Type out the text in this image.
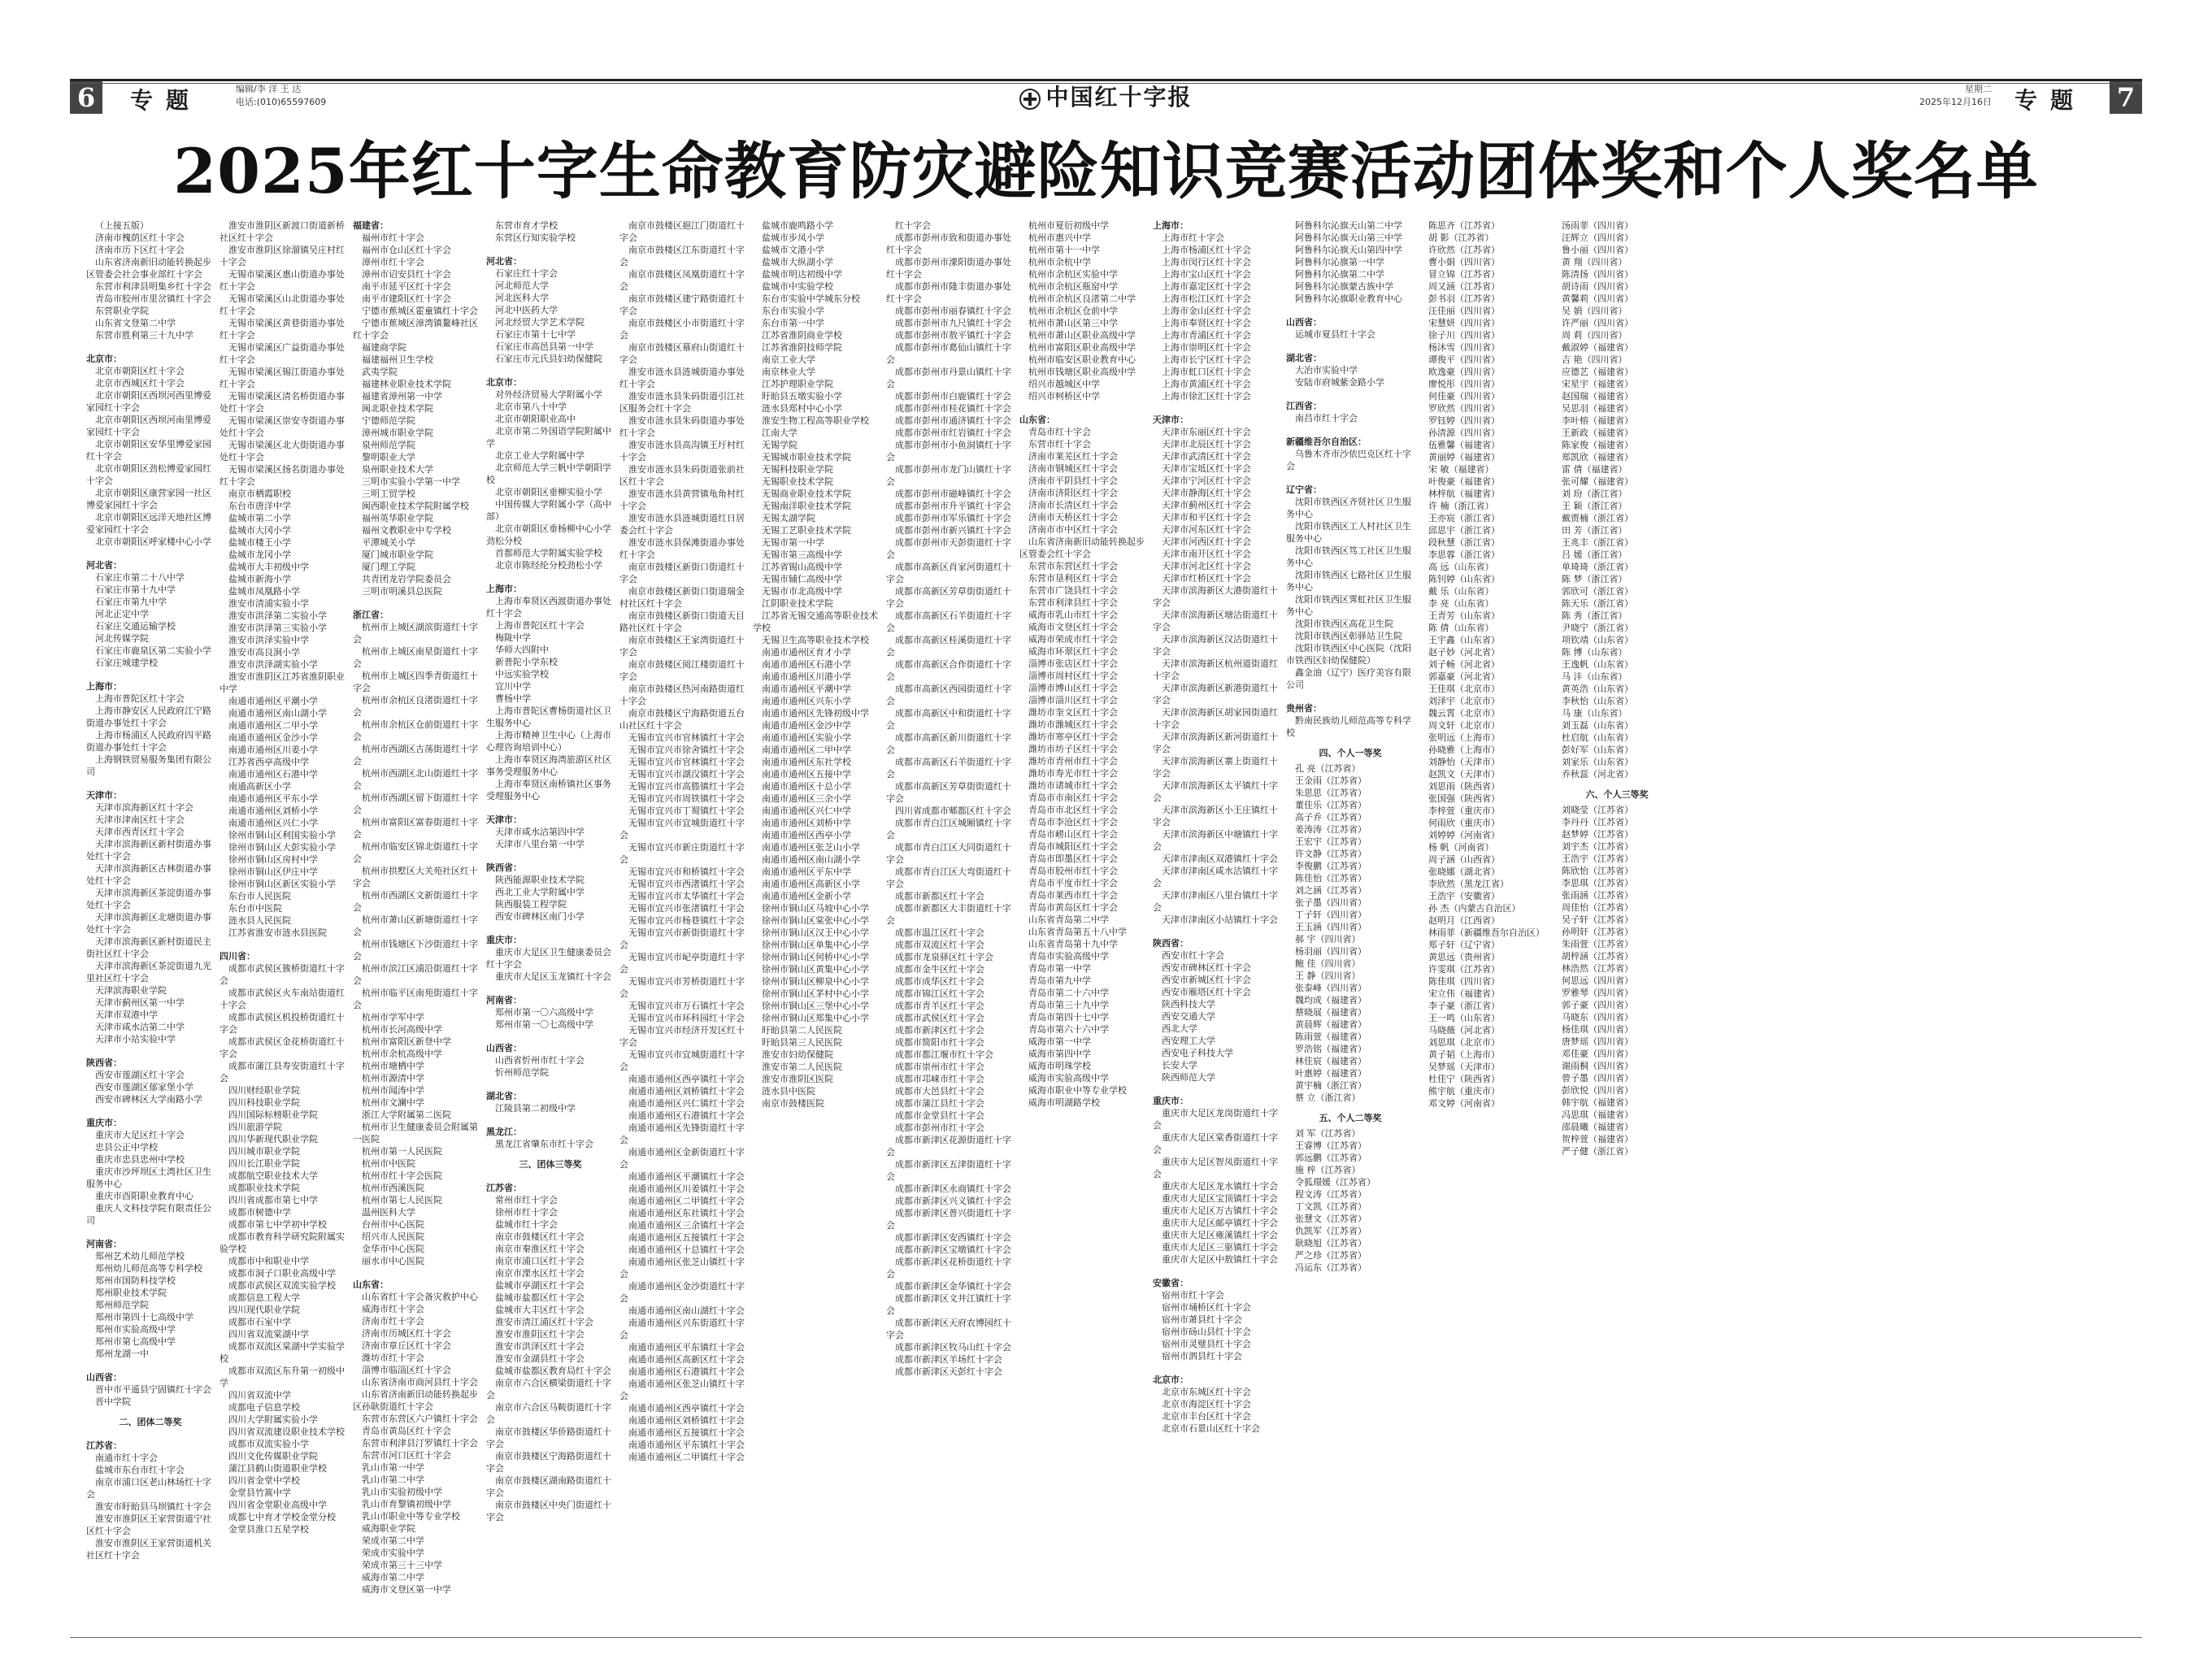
6	专题	编辑/李 洋 王 达
电话:(010)65597609	中国红十字报	星期二
2025年12月16日 专题 7
2025年红十字生命教育防灾避险知识竞赛活动团体奖和个人奖名单

（上接五版）

济南市槐荫区红十字会

济南市历下区红十字会

山东省济南新旧动能转换起步区管委会社会事业部红十字会

东营市利津县明集乡红十字会

青岛市胶州市里岔镇红十字会

东营职业学院

山东省文登第二中学

东营市胜利第三十九中学

北京市：

北京市朝阳区红十字会

北京市西城区红十字会

北京市朝阳区西坝河西里博爱家园红十字会

北京市朝阳区西坝河南里博爱家园红十字会

北京市朝阳区安华里博爱家园红十字会

北京市朝阳区劲松博爱家园红十字会

北京市朝阳区康营家园一社区博爱家园红十字会

北京市朝阳区远洋天地社区博爱家园红十字会

北京市朝阳区呼家楼中心小学

河北省：

石家庄市第二十八中学

石家庄市第十九中学

石家庄市第九中学

河北正定中学

石家庄交通运输学校

河北传媒学院

石家庄市鹿泉区第二实验小学

石家庄城建学校

上海市：

上海市普陀区红十字会

上海市静安区人民政府江宁路街道办事处红十字会

上海市杨浦区人民政府四平路街道办事处红十字会

上海钢铁贸易服务集团有限公司

天津市：

天津市滨海新区红十字会

天津市津南区红十字会

天津市西青区红十字会

天津市滨海新区新村街道办事处红十字会

天津市滨海新区古林街道办事处红十字会

天津市滨海新区茶淀街道办事处红十字会

天津市滨海新区北塘街道办事处红十字会

天津市滨海新区新村街道民主街社区红十字会

天津市滨海新区茶淀街道九光里社区红十字会

天津滨海职业学院

天津市蓟州区第一中学

天津市双港中学

天津市咸水沽第二中学

天津市小站实验中学

陕西省：

西安市莲湖区红十字会

西安市莲湖区郁家堡小学

西安市碑林区大学南路小学

重庆市：

重庆市大足区红十字会

忠县公正中学校

重庆市忠县忠州中学校

重庆市沙坪坝区土湾社区卫生服务中心

重庆市酉阳职业教育中心

重庆人文科技学院有限责任公司

河南省：

郑州艺术幼儿师范学校

郑州幼儿师范高等专科学校

郑州市国防科技学校

郑州职业技术学院

郑州师范学院

郑州市第四十七高级中学

郑州市实验高级中学

郑州市第七高级中学

郑州龙湖一中

山西省：

晋中市平遥县宁固镇红十字会

晋中学院

二、团体二等奖

江苏省：

南通市红十字会

盐城市东台市红十字会

南京市浦口区老山林场红十字会

淮安市盱眙县马坝镇红十字会

淮安市淮阴区王家营街道宁社区红十字会

淮安市淮阴区王家营街道机关社区红十字会

淮安市淮阴区新渡口街道新桥社区红十字会

淮安市淮阴区徐溜镇吴庄村红十字会

无锡市梁溪区惠山街道办事处红十字会

无锡市梁溪区山北街道办事处红十字会

无锡市梁溪区黄巷街道办事处红十字会

无锡市梁溪区广益街道办事处红十字会

无锡市梁溪区锡江街道办事处红十字会

无锡市梁溪区清名桥街道办事处红十字会

无锡市梁溪区崇安寺街道办事处红十字会

无锡市梁溪区北大街街道办事处红十字会

无锡市梁溪区扬名街道办事处红十字会

南京市栖霞职校

东台市唐洋中学

盐城市第二小学

盐城市大冈小学

盐城市楼王小学

盐城市龙冈小学

盐城市大丰初级中学

盐城市新海小学

盐城市凤凰路小学

淮安市清浦实验小学

淮安市洪泽第二实验小学

淮安市洪泽第三实验小学

淮安市洪泽实验中学

淮安市高良涧小学

淮安市洪泽湖实验小学

淮安市淮阴区江苏省淮阴职业中学

南通市通州区平潮小学

南通市通州区南山湖小学

南通市通州区二甲小学

南通市通州区金沙小学

南通市通州区川姜小学

江苏省西亭高级中学

南通市通州区石港中学

南通高新区小学

南通市通州区平东小学

南通市通州区刘桥小学

南通市通州区兴仁小学

徐州市铜山区利国实验小学

徐州市铜山区大彭实验小学

徐州市铜山区房村中学

徐州市铜山区伊庄中学

徐州市铜山区新区实验小学

东台市人民医院

东台市中医院

涟水县人民医院

江苏省淮安市涟水县医院

四川省：

成都市武侯区簇桥街道红十字会

成都市武侯区火车南站街道红十字会

成都市武侯区机投桥街道红十字会

成都市武侯区金花桥街道红十字会

成都市蒲江县寿安街道红十字会

四川财经职业学院

四川科技职业学院

四川国际标榜职业学院

四川旅游学院

四川华新现代职业学院

四川城市职业学院

四川长江职业学院

成都航空职业技术大学

成都职业技术学院

四川省成都市第七中学

成都市树德中学

成都市第七中学初中学校

成都市教育科学研究院附属实验学校

成都市中和职业中学

成都市洞子口职业高级中学

成都市武侯区双流实验学校

成都信息工程大学

四川现代职业学院

成都市石室中学

四川省双流棠湖中学

成都市双流区棠湖中学实验学校

成都市双流区东升第一初级中学

四川省双流中学

成都电子信息学校

四川大学附属实验小学

四川省双流建设职业技术学校

成都市双流实验小学

四川文化传媒职业学院

蒲江县鹤山街道职业学校

四川省金堂中学校

金堂县竹篙中学

四川省金堂职业高级中学

成都七中育才学校金堂分校

金堂县淮口五星学校

福建省：

福州市红十字会

福州市仓山区红十字会

漳州市红十字会

漳州市诏安县红十字会

南平市延平区红十字会

南平市建阳区红十字会

宁德市蕉城区霍童镇红十字会

宁德市蕉城区漳湾镇鳌峰社区红十字会

福建商学院

福建福州卫生学校

武夷学院

福建林业职业技术学院

福建省漳州第一中学

闽北职业技术学院

宁德师范学院

漳州城市职业学院

泉州师范学院

黎明职业大学

泉州职业技术大学

三明市实验小学第一中学

三明工贸学校

闽西职业技术学院附属学校

福州英华职业学院

福州文教职业中专学校

平潭城关小学

厦门城市职业学院

厦门理工学院

共青团龙岩学院委员会

三明市明溪县总医院

浙江省：

杭州市上城区湖滨街道红十字会

杭州市上城区南星街道红十字会

杭州市上城区四季青街道红十字会

杭州市余杭区良渚街道红十字会

杭州市余杭区仓前街道红十字会

杭州市西湖区古荡街道红十字会

杭州市西湖区北山街道红十字会

杭州市西湖区留下街道红十字会

杭州市富阳区富春街道红十字会

杭州市临安区锦北街道红十字会

杭州市拱墅区大关苑社区红十字会

杭州市西湖区文新街道红十字会

杭州市萧山区新塘街道红十字会

杭州市钱塘区下沙街道红十字会

杭州市滨江区浦沿街道红十字会

杭州市临平区南苑街道红十字会

杭州市学军中学

杭州市长河高级中学

杭州市富阳区新登中学

杭州市余杭高级中学

杭州市塘栖中学

杭州市源清中学

杭州市闻涛中学

杭州市文澜中学

浙江大学附属第二医院

杭州市卫生健康委员会附属第一医院

杭州市第一人民医院

杭州市中医院

杭州市红十字会医院

杭州市西溪医院

杭州市第七人民医院

温州医科大学

台州市中心医院

绍兴市人民医院

金华市中心医院

丽水市中心医院

山东省：

山东省红十字会备灾救护中心

威海市红十字会

济南市红十字会

济南市历城区红十字会

济南市章丘区红十字会

潍坊市红十字会

淄博市临淄区红十字会

山东省济南市商河县红十字会

山东省济南新旧动能转换起步区孙耿街道红十字会

东营市东营区六户镇红十字会

青岛市黄岛区红十字会

东营市利津县汀罗镇红十字会

东营市河口区红十字会

乳山市第一中学

乳山市第二中学

乳山市实验初级中学

乳山市育黎镇初级中学

乳山市职业中等专业学校

威海职业学院

荣成市第二中学

荣成市实验中学

荣成市第三十三中学

威海市第二中学

威海市文登区第一中学

东营市育才学校

东营区行知实验学校

河北省：

石家庄红十字会

河北师范大学

河北医科大学

河北中医药大学

河北经贸大学艺术学院

石家庄市第十七中学

石家庄市高邑县第一中学

石家庄市元氏县妇幼保健院

北京市：

对外经济贸易大学附属小学

北京市第八十中学

北京市朝阳职业高中

北京市第二外国语学院附属中学

北京工业大学附属中学

北京师范大学三帆中学朝阳学校

北京市朝阳区垂柳实验小学

中国传媒大学附属小学（高中部）

北京市朝阳区垂杨柳中心小学劲松分校

首都师范大学附属实验学校

北京市陈经纶分校劲松小学

上海市：

上海市奉贤区西渡街道办事处红十字会

上海市普陀区红十字会

梅陇中学

华师大四附中

新普陀小学东校

中远实验学校

宜川中学

曹杨中学

上海市普陀区曹杨街道社区卫生服务中心

上海市精神卫生中心（上海市心理咨询培训中心）

上海市奉贤区海湾旅游区社区事务受理服务中心

上海市奉贤区南桥镇社区事务受理服务中心

天津市：

天津市咸水沽第四中学

天津市八里台第一中学

陕西省：

陕西能源职业技术学院

西北工业大学附属中学

陕西服装工程学院

西安市碑林区南门小学

重庆市：

重庆市大足区卫生健康委员会红十字会

重庆市大足区玉龙镇红十字会

河南省：

郑州市第一〇六高级中学

郑州市第一〇七高级中学

山西省：

山西省忻州市红十字会

忻州师范学院

湖北省：

江陵县第二初级中学

黑龙江：

黑龙江省肇东市红十字会

三、团体三等奖

江苏省：

常州市红十字会

徐州市红十字会

盐城市红十字会

南京市鼓楼区红十字会

南京市秦淮区红十字会

南京市浦口区红十字会

南京市溧水区红十字会

盐城市亭湖区红十字会

盐城市盐都区红十字会

盐城市大丰区红十字会

淮安市清江浦区红十字会

淮安市淮阴区红十字会

淮安市洪泽区红十字会

淮安市金湖县红十字会

盐城市盐都区教育局红十字会

南京市六合区横梁街道红十字会

南京市六合区马鞍街道红十字会

南京市鼓楼区华侨路街道红十字会

南京市鼓楼区宁海路街道红十字会

南京市鼓楼区湖南路街道红十字会

南京市鼓楼区中央门街道红十字会

南京市鼓楼区挹江门街道红十字会

南京市鼓楼区江东街道红十字会

南京市鼓楼区凤凰街道红十字会

南京市鼓楼区建宁路街道红十字会

南京市鼓楼区小市街道红十字会

南京市鼓楼区幕府山街道红十字会

淮安市涟水县涟城街道办事处红十字会

淮安市涟水县朱码街道引江社区服务会红十字会

淮安市涟水县朱码街道办事处红十字会

淮安市涟水县高沟镇王圩村红十字会

淮安市涟水县朱码街道张前社区红十字会

淮安市涟水县黄营镇龟角村红十字会

淮安市涟水县涟城街道红日居委会红十字会

淮安市涟水县保滩街道办事处红十字会

南京市鼓楼区新街口街道红十字会

南京市鼓楼区新街口街道瑞金村社区红十字会

南京市鼓楼区新街口街道天目路社区红十字会

南京市鼓楼区王家湾街道红十字会

南京市鼓楼区阅江楼街道红十字会

南京市鼓楼区热河南路街道红十字会

南京市鼓楼区宁海路街道五台山社区红十字会

无锡市宜兴市官林镇红十字会

无锡市宜兴市徐舍镇红十字会

无锡市宜兴市官林镇红十字会

无锡市宜兴市湖㳇镇红十字会

无锡市宜兴市高塍镇红十字会

无锡市宜兴市周铁镇红十字会

无锡市宜兴市丁蜀镇红十字会

无锡市宜兴市宜城街道红十字会

无锡市宜兴市新庄街道红十字会

无锡市宜兴市和桥镇红十字会

无锡市宜兴市西渚镇红十字会

无锡市宜兴市太华镇红十字会

无锡市宜兴市张渚镇红十字会

无锡市宜兴市杨巷镇红十字会

无锡市宜兴市新街街道红十字会

无锡市宜兴市屺亭街道红十字会

无锡市宜兴市芳桥街道红十字会

无锡市宜兴市万石镇红十字会

无锡市宜兴市环科园红十字会

无锡市宜兴市经济开发区红十字会

无锡市宜兴市宜城街道红十字会

南通市通州区西亭镇红十字会

南通市通州区刘桥镇红十字会

南通市通州区兴仁镇红十字会

南通市通州区石港镇红十字会

南通市通州区先锋街道红十字会

南通市通州区金新街道红十字会

南通市通州区平潮镇红十字会

南通市通州区川姜镇红十字会

南通市通州区二甲镇红十字会

南通市通州区东社镇红十字会

南通市通州区三余镇红十字会

南通市通州区五接镇红十字会

南通市通州区十总镇红十字会

南通市通州区张芝山镇红十字会

南通市通州区金沙街道红十字会

南通市通州区南山湖红十字会

南通市通州区兴东街道红十字会

南通市通州区平东镇红十字会

南通市通州区高新区红十字会

南通市通州区石港镇红十字会

南通市通州区张芝山镇红十字会

南通市通州区西亭镇红十字会

南通市通州区刘桥镇红十字会

南通市通州区五接镇红十字会

南通市通州区平东镇红十字会

南通市通州区二甲镇红十字会

盐城市鹿鸣路小学

盐城市步凤小学

盐城市文港小学

盐城市大纵湖小学

盐城市明达初级中学

盐城市中实验学校

东台市实验中学城东分校

东台市实验小学

东台市第一中学

江苏省淮阴商业学校

江苏省淮阴技师学院

南京工业大学

南京林业大学

江苏护理职业学院

盱眙县五墩实验小学

涟水县郑村中心小学

淮安生物工程高等职业学校

江南大学

无锡学院

无锡城市职业技术学院

无锡科技职业学院

无锡职业技术学院

无锡商业职业技术学院

无锡南洋职业技术学院

无锡太湖学院

无锡工艺职业技术学院

无锡市第一中学

无锡市第三高级中学

江苏省锡山高级中学

无锡市辅仁高级中学

无锡市市北高级中学

江阴职业技术学院

江苏省无锡交通高等职业技术学校

无锡卫生高等职业技术学校

南通市通州区育才小学

南通市通州区石港小学

南通市通州区川港小学

南通市通州区平潮中学

南通市通州区兴东小学

南通市通州区先锋初级中学

南通市通州区金沙中学

南通市通州区实验小学

南通市通州区二甲中学

南通市通州区东社学校

南通市通州区五接中学

南通市通州区十总小学

南通市通州区三余小学

南通市通州区兴仁中学

南通市通州区刘桥中学

南通市通州区西亭小学

南通市通州区张芝山小学

南通市通州区南山湖小学

南通市通州区平东中学

南通市通州区高新区小学

南通市通州区金新小学

徐州市铜山区马坡中心小学

徐州市铜山区棠张中心小学

徐州市铜山区汉王中心小学

徐州市铜山区单集中心小学

徐州市铜山区何桥中心小学

徐州市铜山区黄集中心小学

徐州市铜山区柳泉中心小学

徐州市铜山区茅村中心小学

徐州市铜山区三堡中心小学

徐州市铜山区郑集中心小学

盱眙县第二人民医院

盱眙县第三人民医院

淮安市妇幼保健院

淮安市第二人民医院

淮安市淮阴区医院

涟水县中医院

南京市鼓楼医院

红十字会

成都市彭州市致和街道办事处红十字会

成都市彭州市濛阳街道办事处红十字会

成都市彭州市隆丰街道办事处红十字会

成都市彭州市丽春镇红十字会

成都市彭州市九尺镇红十字会

成都市彭州市敖平镇红十字会

成都市彭州市葛仙山镇红十字会

成都市彭州市丹景山镇红十字会

成都市彭州市白鹿镇红十字会

成都市彭州市桂花镇红十字会

成都市彭州市通济镇红十字会

成都市彭州市红岩镇红十字会

成都市彭州市小鱼洞镇红十字会

成都市彭州市龙门山镇红十字会

成都市彭州市磁峰镇红十字会

成都市彭州市升平镇红十字会

成都市彭州市军乐镇红十字会

成都市彭州市新兴镇红十字会

成都市彭州市天彭街道红十字会

成都市高新区肖家河街道红十字会

成都市高新区芳草街街道红十字会

成都市高新区石羊街道红十字会

成都市高新区桂溪街道红十字会

成都市高新区合作街道红十字会

成都市高新区西园街道红十字会

成都市高新区中和街道红十字会

成都市高新区新川街道红十字会

成都市高新区石羊街道红十字会

成都市高新区芳草街街道红十字会

四川省成都市郫都区红十字会

成都市青白江区城厢镇红十字会

成都市青白江区大同街道红十字会

成都市青白江区大弯街道红十字会

成都市新都区红十字会

成都市新都区大丰街道红十字会

成都市温江区红十字会

成都市双流区红十字会

成都市龙泉驿区红十字会

成都市金牛区红十字会

成都市成华区红十字会

成都市锦江区红十字会

成都市青羊区红十字会

成都市武侯区红十字会

成都市新津区红十字会

成都市简阳市红十字会

成都市都江堰市红十字会

成都市崇州市红十字会

成都市邛崃市红十字会

成都市大邑县红十字会

成都市蒲江县红十字会

成都市金堂县红十字会

成都市彭州市红十字会

成都市新津区花源街道红十字会

成都市新津区五津街道红十字会

成都市新津区永商镇红十字会

成都市新津区兴义镇红十字会

成都市新津区普兴街道红十字会

成都市新津区安西镇红十字会

成都市新津区宝墩镇红十字会

成都市新津区花桥街道红十字会

成都市新津区金华镇红十字会

成都市新津区文井江镇红十字会

成都市新津区天府农博园红十字会

成都市新津区牧马山红十字会

成都市新津区羊场红十字会

成都市新津区天彭红十字会

杭州市夏衍初级中学

杭州市惠兴中学

杭州市第十一中学

杭州市余杭中学

杭州市余杭区实验中学

杭州市余杭区瓶窑中学

杭州市余杭区良渚第二中学

杭州市余杭区仓前中学

杭州市萧山区第三中学

杭州市萧山区职业高级中学

杭州市富阳区职业高级中学

杭州市临安区职业教育中心

杭州市钱塘区职业高级中学

绍兴市越城区中学

绍兴市柯桥区中学

山东省：

青岛市红十字会

东营市红十字会

济南市莱芜区红十字会

济南市钢城区红十字会

济南市平阴县红十字会

济南市济阳区红十字会

济南市长清区红十字会

济南市天桥区红十字会

济南市市中区红十字会

山东省济南新旧动能转换起步区管委会红十字会

东营市东营区红十字会

东营市垦利区红十字会

东营市广饶县红十字会

东营市利津县红十字会

威海市乳山市红十字会

威海市文登区红十字会

威海市荣成市红十字会

威海市环翠区红十字会

淄博市张店区红十字会

淄博市周村区红十字会

淄博市博山区红十字会

淄博市淄川区红十字会

潍坊市奎文区红十字会

潍坊市潍城区红十字会

潍坊市寒亭区红十字会

潍坊市坊子区红十字会

潍坊市青州市红十字会

潍坊市寿光市红十字会

潍坊市诸城市红十字会

青岛市市南区红十字会

青岛市市北区红十字会

青岛市李沧区红十字会

青岛市崂山区红十字会

青岛市城阳区红十字会

青岛市即墨区红十字会

青岛市胶州市红十字会

青岛市平度市红十字会

青岛市莱西市红十字会

青岛市黄岛区红十字会

山东省青岛第二中学

山东省青岛第五十八中学

山东省青岛第十九中学

青岛市实验高级中学

青岛市第一中学

青岛市第九中学

青岛市第二十六中学

青岛市第三十九中学

青岛市第四十七中学

青岛市第六十六中学

威海市第一中学

威海市第四中学

威海市明珠学校

威海市实验高级中学

威海市职业中等专业学校

威海市明湖路学校

上海市：

上海市红十字会

上海市杨浦区红十字会

上海市闵行区红十字会

上海市宝山区红十字会

上海市嘉定区红十字会

上海市松江区红十字会

上海市金山区红十字会

上海市奉贤区红十字会

上海市青浦区红十字会

上海市崇明区红十字会

上海市长宁区红十字会

上海市虹口区红十字会

上海市黄浦区红十字会

上海市徐汇区红十字会

天津市：

天津市东丽区红十字会

天津市北辰区红十字会

天津市武清区红十字会

天津市宝坻区红十字会

天津市宁河区红十字会

天津市静海区红十字会

天津市蓟州区红十字会

天津市和平区红十字会

天津市河东区红十字会

天津市河西区红十字会

天津市南开区红十字会

天津市河北区红十字会

天津市红桥区红十字会

天津市滨海新区大港街道红十字会

天津市滨海新区塘沽街道红十字会

天津市滨海新区汉沽街道红十字会

天津市滨海新区杭州道街道红十字会

天津市滨海新区新港街道红十字会

天津市滨海新区胡家园街道红十字会

天津市滨海新区新河街道红十字会

天津市滨海新区寨上街道红十字会

天津市滨海新区太平镇红十字会

天津市滨海新区小王庄镇红十字会

天津市滨海新区中塘镇红十字会

天津市津南区双港镇红十字会

天津市津南区咸水沽镇红十字会

天津市津南区八里台镇红十字会

天津市津南区小站镇红十字会

陕西省：

西安市红十字会

西安市碑林区红十字会

西安市新城区红十字会

西安市雁塔区红十字会

陕西科技大学

西安交通大学

西北大学

西安理工大学

西安电子科技大学

长安大学

陕西师范大学

重庆市：

重庆市大足区龙岗街道红十字会

重庆市大足区棠香街道红十字会

重庆市大足区智凤街道红十字会

重庆市大足区龙水镇红十字会

重庆市大足区宝顶镇红十字会

重庆市大足区万古镇红十字会

重庆市大足区邮亭镇红十字会

重庆市大足区雍溪镇红十字会

重庆市大足区三驱镇红十字会

重庆市大足区中敖镇红十字会

安徽省：

宿州市红十字会

宿州市埇桥区红十字会

宿州市萧县红十字会

宿州市砀山县红十字会

宿州市灵璧县红十字会

宿州市泗县红十字会

北京市：

北京市东城区红十字会

北京市海淀区红十字会

北京市丰台区红十字会

北京市石景山区红十字会

阿鲁科尔沁旗天山第二中学

阿鲁科尔沁旗天山第三中学

阿鲁科尔沁旗天山第四中学

阿鲁科尔沁旗第一中学

阿鲁科尔沁旗第二中学

阿鲁科尔沁旗蒙古族中学

阿鲁科尔沁旗职业教育中心

山西省：

运城市夏县红十字会

湖北省：

大冶市实验中学

安陆市府城紫金路小学

江西省：

南昌市红十字会

新疆维吾尔自治区：

乌鲁木齐市沙依巴克区红十字会

辽宁省：

沈阳市铁西区齐贤社区卫生服务中心

沈阳市铁西区工人村社区卫生服务中心

沈阳市铁西区笃工社区卫生服务中心

沈阳市铁西区七路社区卫生服务中心

沈阳市铁西区霁虹社区卫生服务中心

沈阳市铁西区高花卫生院

沈阳市铁西区彰驿站卫生院

沈阳市铁西区中心医院（沈阳市铁西区妇幼保健院）

鑫金油（辽宁）医疗美容有限公司

贵州省：

黔南民族幼儿师范高等专科学校

四、个人一等奖

孔 亮（江苏省）

王金雨（江苏省）

朱思思（江苏省）

董佳乐（江苏省）

高子乔（江苏省）

姜涛涛（江苏省）

王宏宇（江苏省）

许文静（江苏省）

李俊鹏（江苏省）

陈佳怡（江苏省）

刘之涵（江苏省）

张子墨（四川省）

丁子轩（四川省）

王玉涵（四川省）

郝 宇（四川省）

杨羽丽（四川省）

鲍 佳（四川省）

王 静（四川省）

张泰峰（四川省）

魏均成（福建省）

蔡晓展（福建省）

黄晨辉（福建省）

陈雨萱（福建省）

罗浩铭（福建省）

林佳宸（福建省）

叶惠婷（福建省）

黄宇楠（浙江省）

蔡 立（浙江省）

五、个人二等奖

刘 军（江苏省）

王睿博（江苏省）

郭远鹏（江苏省）

施 梓（江苏省）

令狐璟媛（江苏省）

程文涛（江苏省）

丁文凯（江苏省）

张慧文（江苏省）

仇凯军（江苏省）

耿晓旭（江苏省）

严之珍（江苏省）

冯运东（江苏省）

陈思齐（江苏省）

胡 影（江苏省）

许欣然（江苏省）

曹小娟（四川省）

冒立锦（江苏省）

周又涵（江苏省）

彭书羽（江苏省）

汪佳丽（四川省）

宋慧妍（四川省）

徐子川（四川省）

杨沐雪（四川省）

谭俊平（四川省）

欧逸豪（四川省）

廖悦彤（四川省）

何佳豪（四川省）

罗欣然（四川省）

罗钰婷（四川省）

孙清源（四川省）

伍雅馨（福建省）

黄丽婷（福建省）

宋 敏（福建省）

叶俊豪（福建省）

林梓航（福建省）

许 楠（浙江省）

王亦宸（浙江省）

邱思宇（浙江省）

段秋慧（浙江省）

李思蓉（浙江省）

高 远（山东省）

陈钊婷（山东省）

戴 乐（山东省）

李 亮（山东省）

王青芳（山东省）

陈 倩（山东省）

王宇鑫（山东省）

赵子妙（河北省）

刘子畅（河北省）

郭嘉豪（河北省）

王佳琪（北京市）

刘泽宇（北京市）

魏云霄（北京市）

周文轩（北京市）

张明远（上海市）

孙晓雅（上海市）

刘静怡（天津市）

赵凯文（天津市）

刘思雨（陕西省）

张国强（陕西省）

李梓萱（重庆市）

何雨欣（重庆市）

刘婷婷（河南省）

杨 帆（河南省）

周子涵（山西省）

张晓娜（湖北省）

李欣然（黑龙江省）

王浩宇（安徽省）

孙 杰（内蒙古自治区）

赵明月（江西省）

林雨菲（新疆维吾尔自治区）

郑子轩（辽宁省）

黄思远（贵州省）

许雯琪（江苏省）

陈佳琪（四川省）

宋立伟（福建省）

李子豪（浙江省）

王一鸣（山东省）

马晓薇（河北省）

刘思琪（北京市）

黄子韬（上海市）

吴梦瑶（天津市）

杜佳宁（陕西省）

熊宇航（重庆市）

邓文婷（河南省）

汤雨菲（四川省）

汪辉立（四川省）

鲁小丽（四川省）

黄 翔（四川省）

陈清扬（四川省）

胡诗雨（四川省）

黄馨莉（四川省）

吴 娟（四川省）

许严丽（四川省）

周 莉（四川省）

戴淑婷（福建省）

吉 艳（四川省）

应德艺（福建省）

宋星宇（福建省）

赵国瑞（福建省）

吴思羽（福建省）

李叶榕（福建省）

王新政（福建省）

陈家俊（福建省）

郑凯欣（福建省）

雷 倩（福建省）

张可耀（福建省）

刘 玢（浙江省）

王 颖（浙江省）

戴贾楠（浙江省）

田 芳（浙江省）

王兆丰（浙江省）

吕 媛（浙江省）

单琦琦（浙江省）

陈 梦（浙江省）

郭欣可（浙江省）

陈天乐（浙江省）

陈 秀（浙江省）

尹晓宁（浙江省）

项钦靖（山东省）

陈 博（山东省）

王逸帆（山东省）

马 沣（山东省）

黄英浩（山东省）

李秋怡（山东省）

马 康（山东省）

刘玉磊（山东省）

杜启航（山东省）

彭好军（山东省）

刘家乐（山东省）

乔秋蕊（河北省）

六、个人三等奖

刘晓莹（江苏省）

李丹丹（江苏省）

赵梦婷（江苏省）

刘宇杰（江苏省）

王浩宇（江苏省）

陈欣怡（江苏省）

李思琪（江苏省）

张雨涵（江苏省）

周佳怡（江苏省）

吴子轩（江苏省）

孙明轩（江苏省）

朱雨萱（江苏省）

胡梓涵（江苏省）

林浩然（江苏省）

何思远（四川省）

罗雅琴（四川省）

郭子豪（四川省）

马晓东（四川省）

杨佳琪（四川省）

唐梦瑶（四川省）

邓佳豪（四川省）

谢雨桐（四川省）

曾子墨（四川省）

彭欣悦（四川省）

韩宇航（福建省）

冯思琪（福建省）

邵晨曦（福建省）

贺梓萱（福建省）

严子健（浙江省）
